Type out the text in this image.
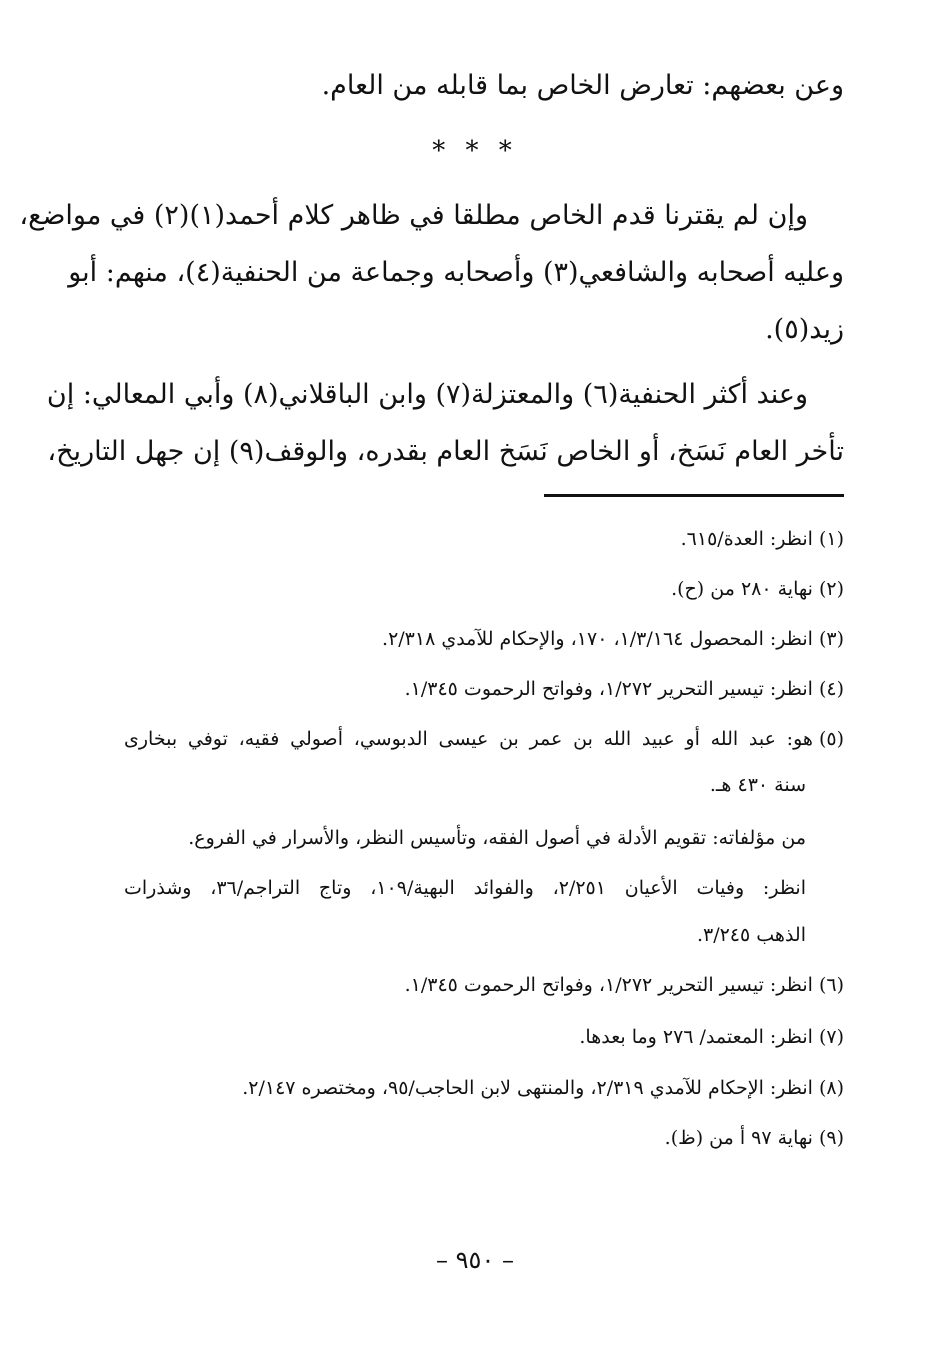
وعن بعضهم: تعارض الخاص بما قابله من العام.
* * *
وإن لم يقترنا قدم الخاص مطلقا في ظاهر كلام أحمد(١)(٢) في مواضع،
وعليه أصحابه والشافعي(٣) وأصحابه وجماعة من الحنفية(٤)، منهم: أبو
زيد(٥).
وعند أكثر الحنفية(٦) والمعتزلة(٧) وابن الباقلاني(٨) وأبي المعالي: إن
تأخر العام نَسَخ، أو الخاص نَسَخ العام بقدره، والوقف(٩) إن جهل التاريخ،
(١)انظر: العدة/٦١٥.
(٢)نهاية ٢٨٠ من (ح).
(٣)انظر: المحصول ١/٣/١٦٤، ١٧٠، والإحكام للآمدي ٢/٣١٨.
(٤)انظر: تيسير التحرير ١/٢٧٢، وفواتح الرحموت ١/٣٤٥.
(٥)هو: عبد الله أو عبيد الله بن عمر بن عيسى الدبوسي، أصولي فقيه، توفي ببخارى
سنة ٤٣٠ هـ.
من مؤلفاته: تقويم الأدلة في أصول الفقه، وتأسيس النظر، والأسرار في الفروع.
انظر: وفيات الأعيان ٢/٢٥١، والفوائد البهية/١٠٩، وتاج التراجم/٣٦، وشذرات
الذهب ٣/٢٤٥.
(٦)انظر: تيسير التحرير ١/٢٧٢، وفواتح الرحموت ١/٣٤٥.
(٧)انظر: المعتمد/ ٢٧٦ وما بعدها.
(٨)انظر: الإحكام للآمدي ٢/٣١٩، والمنتهى لابن الحاجب/٩٥، ومختصره ٢/١٤٧.
(٩)نهاية ٩٧ أ من (ظ).
– ٩٥٠ –
